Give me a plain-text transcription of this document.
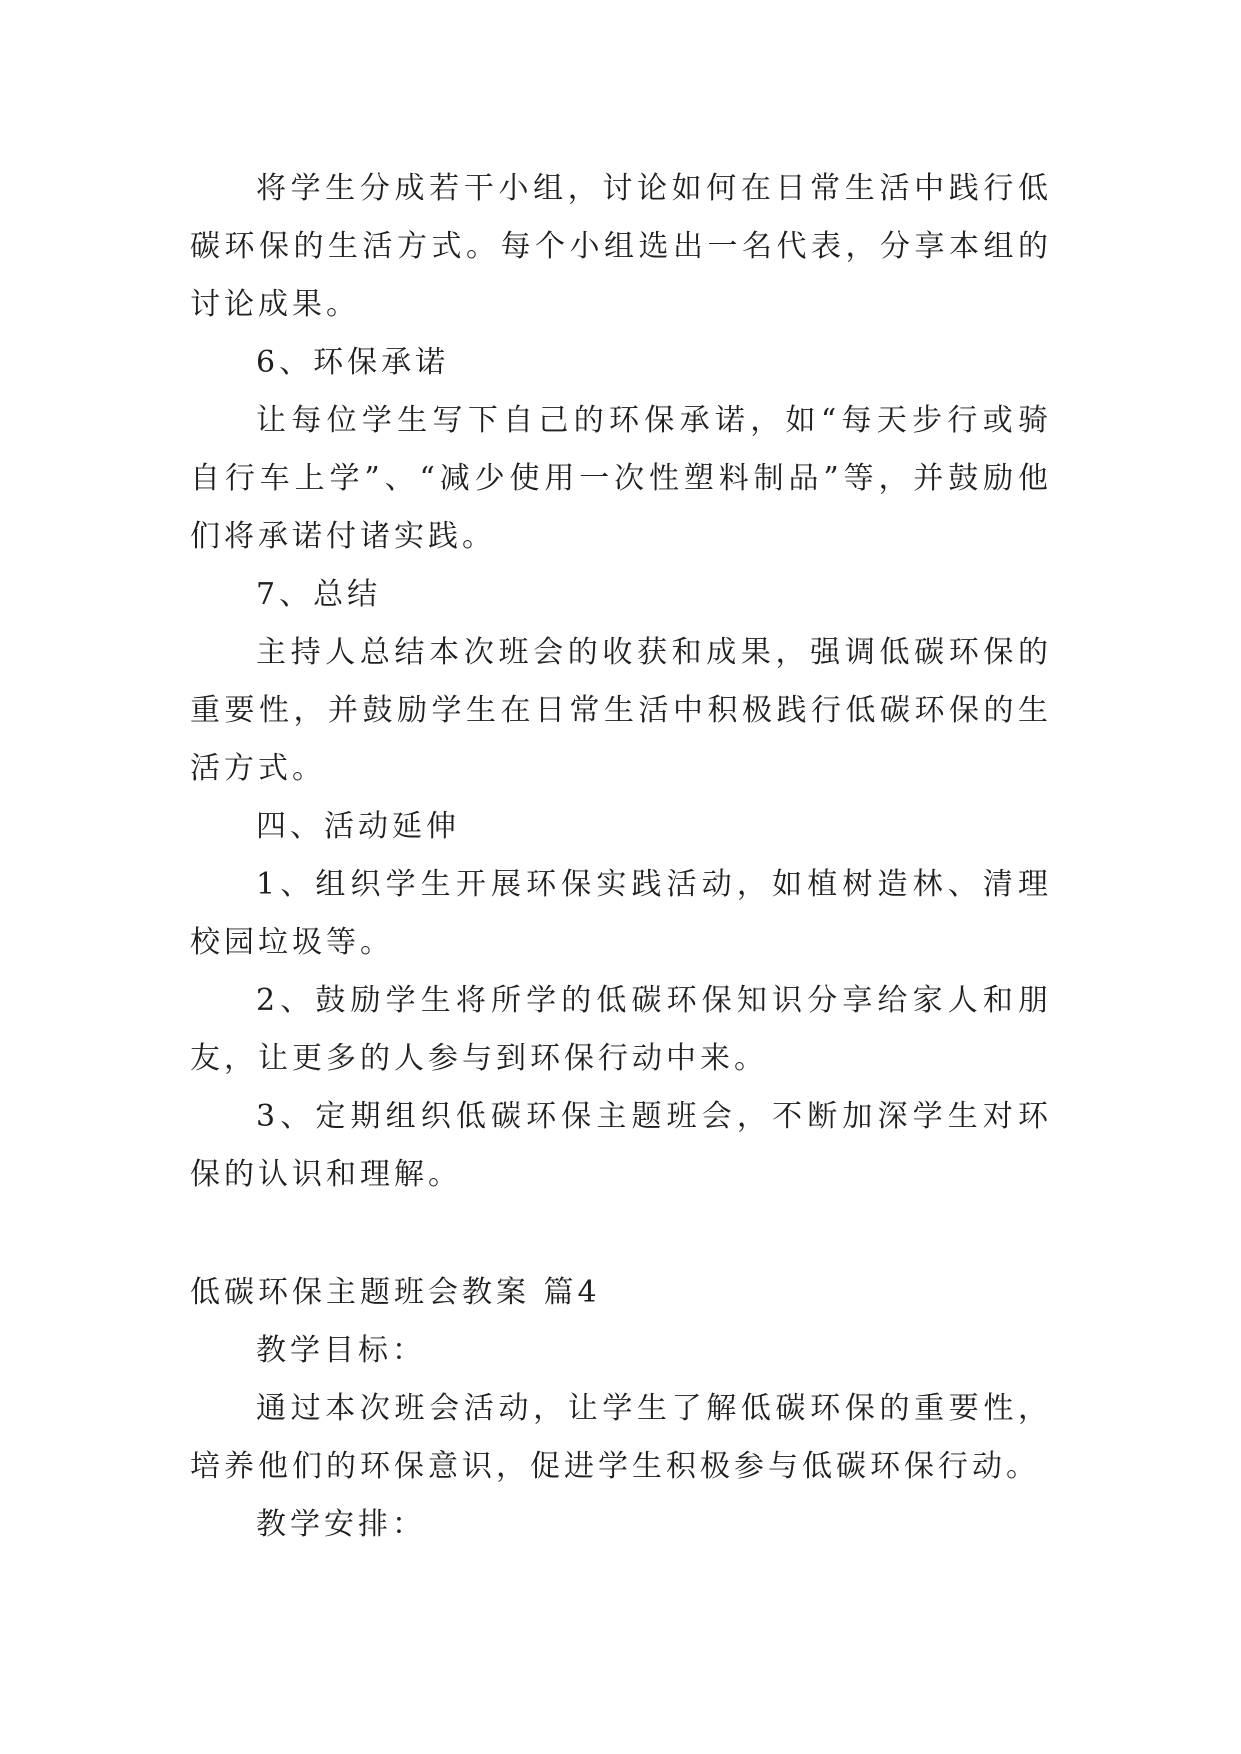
将学生分成若干小组，讨论如何在日常生活中践行低碳环保的生活方式。每个小组选出一名代表，分享本组的讨论成果。

6、环保承诺

让每位学生写下自己的环保承诺，如“每天步行或骑自行车上学”、“减少使用一次性塑料制品”等，并鼓励他们将承诺付诸实践。

7、总结

主持人总结本次班会的收获和成果，强调低碳环保的重要性，并鼓励学生在日常生活中积极践行低碳环保的生活方式。

四、活动延伸

1、组织学生开展环保实践活动，如植树造林、清理校园垃圾等。

2、鼓励学生将所学的低碳环保知识分享给家人和朋友，让更多的人参与到环保行动中来。

3、定期组织低碳环保主题班会，不断加深学生对环保的认识和理解。

低碳环保主题班会教案 篇4

教学目标：

通过本次班会活动，让学生了解低碳环保的重要性，培养他们的环保意识，促进学生积极参与低碳环保行动。

教学安排：
